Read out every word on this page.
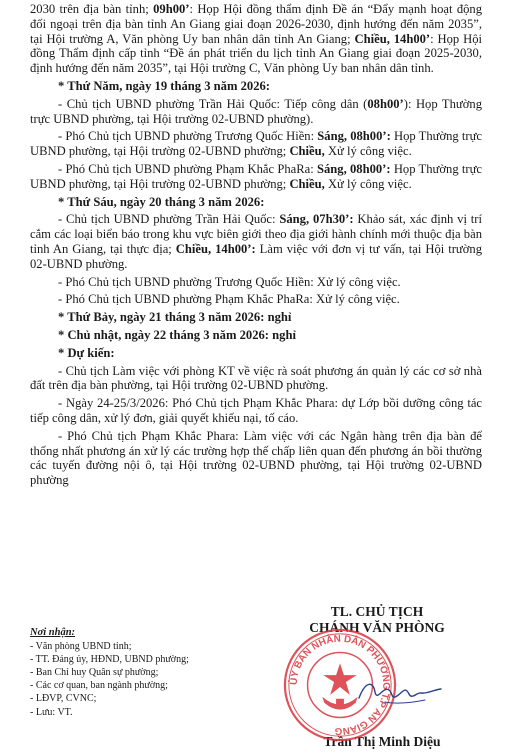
2030 trên địa bàn tỉnh; 09h00’: Họp Hội đồng thẩm định Đề án “Đẩy mạnh hoạt động đối ngoại trên địa bàn tỉnh An Giang giai đoạn 2026-2030, định hướng đến năm 2035”, tại Hội trường A, Văn phòng Uy ban nhân dân tỉnh An Giang; Chiều, 14h00’: Họp Hội đồng Thẩm định cấp tỉnh “Đề án phát triển du lịch tỉnh An Giang giai đoạn 2025-2030, định hướng đến năm 2035”, tại Hội trường C, Văn phòng Uy ban nhân dân tỉnh.

* Thứ Năm, ngày 19 tháng 3 năm 2026:

- Chủ tịch UBND phường Trần Hải Quốc: Tiếp công dân (08h00’): Họp Thường trực UBND phường, tại Hội trường 02-UBND phường).

- Phó Chủ tịch UBND phường Trương Quốc Hiền: Sáng, 08h00’: Họp Thường trực UBND phường, tại Hội trường 02-UBND phường; Chiều, Xử lý công việc.

- Phó Chủ tịch UBND phường Phạm Khắc PhaRa: Sáng, 08h00’: Họp Thường trực UBND phường, tại Hội trường 02-UBND phường; Chiều, Xử lý công việc.

* Thứ Sáu, ngày 20 tháng 3 năm 2026:

- Chủ tịch UBND phường Trần Hải Quốc: Sáng, 07h30’: Khảo sát, xác định vị trí cắm các loại biển báo trong khu vực biên giới theo địa giới hành chính mới thuộc địa bàn tỉnh An Giang, tại thực địa; Chiều, 14h00’: Làm việc với đơn vị tư vấn, tại Hội trường 02-UBND phường.

- Phó Chủ tịch UBND phường Trương Quốc Hiền: Xử lý công việc.

- Phó Chủ tịch UBND phường Phạm Khắc PhaRa: Xử lý công việc.

* Thứ Bảy, ngày 21 tháng 3 năm 2026: nghỉ

* Chủ nhật, ngày 22 tháng 3 năm 2026: nghỉ

* Dự kiến:

- Chủ tịch Làm việc với phòng KT về việc rà soát phương án quản lý các cơ sở nhà đất trên địa bàn phường, tại Hội trường 02-UBND phường.

- Ngày 24-25/3/2026: Phó Chủ tịch Phạm Khắc Phara: dự Lớp bồi dưỡng công tác tiếp công dân, xử lý đơn, giải quyết khiếu nại, tố cáo.

- Phó Chủ tịch Phạm Khắc Phara: Làm việc với các Ngân hàng trên địa bàn để thống nhất phương án xử lý các trường hợp thế chấp liên quan đến phương án bồi thường các tuyến đường nội ô, tại Hội trường 02-UBND phường, tại Hội trường 02-UBND phường

Nơi nhận:
- Văn phòng UBND tỉnh;
- TT. Đảng ủy, HĐND, UBND phường;
- Ban Chỉ huy Quân sự phường;
- Các cơ quan, ban ngành phường;
- LĐVP, CVNC;
- Lưu: VT.
TL. CHỦ TỊCH
CHÁNH VĂN PHÒNG
Trần Thị Minh Diệu
ỦY BAN NHÂN DÂN PHƯỜNG T.P AN GIANG
